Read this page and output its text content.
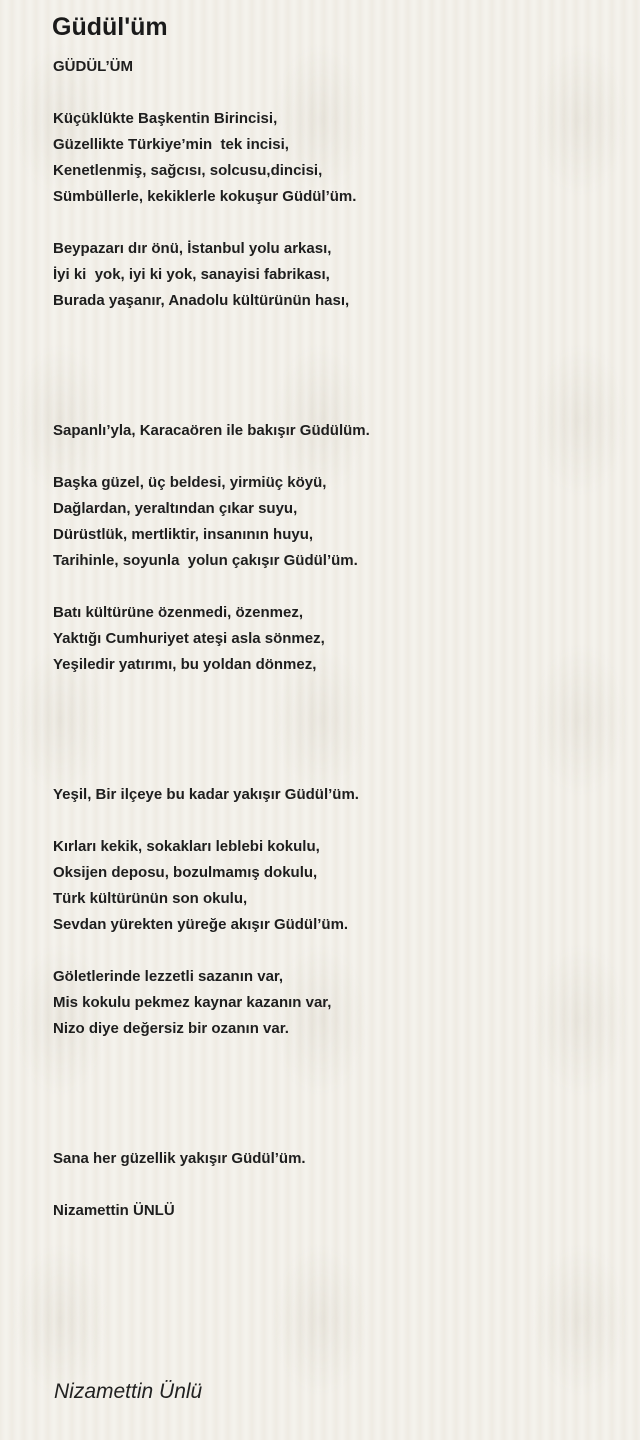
Güdül'üm
GÜDÜL’ÜM
Küçüklükte Başkentin Birincisi,
Güzellikte Türkiye’min  tek incisi,
Kenetlenmiş, sağcısı, solcusu,dincisi,
Sümbüllerle, kekiklerle kokuşur Güdül’üm.
Beypazarı dır önü, İstanbul yolu arkası,
İyi ki  yok, iyi ki yok, sanayisi fabrikası,
Burada yaşanır, Anadolu kültürünün hası,
Sapanlı’yla, Karacaören ile bakışır Güdülüm.
Başka güzel, üç beldesi, yirmiüç köyü,
Dağlardan, yeraltından çıkar suyu,
Dürüstlük, mertliktir, insanının huyu,
Tarihinle, soyunla  yolun çakışır Güdül’üm.
Batı kültürüne özenmedi, özenmez,
Yaktığı Cumhuriyet ateşi asla sönmez,
Yeşiledir yatırımı, bu yoldan dönmez,
Yeşil, Bir ilçeye bu kadar yakışır Güdül’üm.
Kırları kekik, sokakları leblebi kokulu,
Oksijen deposu, bozulmamış dokulu,
Türk kültürünün son okulu,
Sevdan yürekten yüreğe akışır Güdül’üm.
Göletlerinde lezzetli sazanın var,
Mis kokulu pekmez kaynar kazanın var,
Nizo diye değersiz bir ozanın var.
Sana her güzellik yakışır Güdül’üm.
Nizamettin ÜNLÜ
Nizamettin Ünlü
